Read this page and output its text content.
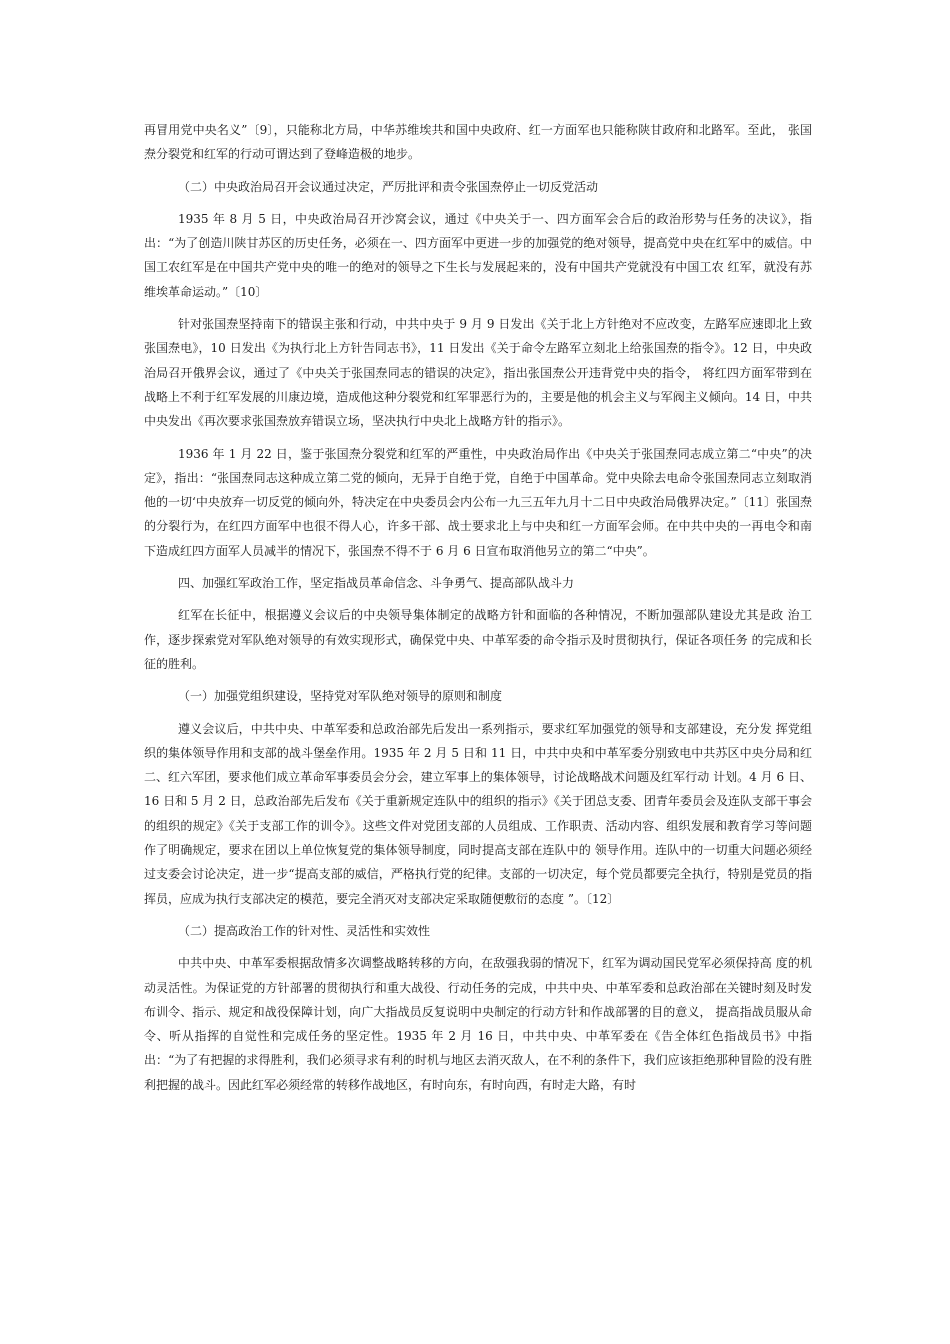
再冒用党中央名义”〔9〕，只能称北方局，中华苏维埃共和国中央政府、红一方面军也只能称陕甘政府和北路军。至此， 张国焘分裂党和红军的行动可谓达到了登峰造极的地步。

（二）中央政治局召开会议通过决定，严厉批评和责令张国焘停止一切反党活动

1935 年 8 月 5 日，中央政治局召开沙窝会议，通过《中央关于一、四方面军会合后的政治形势与任务的决议》，指出：“为了创造川陕甘苏区的历史任务，必须在一、四方面军中更进一步的加强党的绝对领导，提高党中央在红军中的威信。中国工农红军是在中国共产党中央的唯一的绝对的领导之下生长与发展起来的，没有中国共产党就没有中国工农 红军，就没有苏维埃革命运动。”〔10〕

针对张国焘坚持南下的错误主张和行动，中共中央于 9 月 9 日发出《关于北上方针绝对不应改变，左路军应速即北上致张国焘电》，10 日发出《为执行北上方针告同志书》，11 日发出《关于命令左路军立刻北上给张国焘的指令》。12 日，中央政治局召开俄界会议，通过了《中央关于张国焘同志的错误的决定》，指出张国焘公开违背党中央的指令， 将红四方面军带到在战略上不利于红军发展的川康边境，造成他这种分裂党和红军罪恶行为的，主要是他的机会主义与军阀主义倾向。14 日，中共中央发出《再次要求张国焘放弃错误立场，坚决执行中央北上战略方针的指示》。

1936 年 1 月 22 日，鉴于张国焘分裂党和红军的严重性，中央政治局作出《中央关于张国焘同志成立第二“中央”的决定》，指出：“张国焘同志这种成立第二党的倾向，无异于自绝于党，自绝于中国革命。党中央除去电命令张国焘同志立刻取消他的一切‘中央放弃一切反党的倾向外，特决定在中央委员会内公布一九三五年九月十二日中央政治局俄界决定。”〔11〕张国焘的分裂行为，在红四方面军中也很不得人心，许多干部、战士要求北上与中央和红一方面军会师。在中共中央的一再电令和南下造成红四方面军人员减半的情况下，张国焘不得不于 6 月 6 日宣布取消他另立的第二“中央”。

四、加强红军政治工作，坚定指战员革命信念、斗争勇气、提高部队战斗力

红军在长征中，根据遵义会议后的中央领导集体制定的战略方针和面临的各种情况，不断加强部队建设尤其是政 治工作，逐步探索党对军队绝对领导的有效实现形式，确保党中央、中革军委的命令指示及时贯彻执行，保证各项任务 的完成和长征的胜利。

（一）加强党组织建设，坚持党对军队绝对领导的原则和制度

遵义会议后，中共中央、中革军委和总政治部先后发出一系列指示，要求红军加强党的领导和支部建设，充分发 挥党组织的集体领导作用和支部的战斗堡垒作用。1935 年 2 月 5 日和 11 日，中共中央和中革军委分别致电中共苏区中央分局和红二、红六军团，要求他们成立革命军事委员会分会，建立军事上的集体领导，讨论战略战术问题及红军行动 计划。4 月 6 日、16 日和 5 月 2 日，总政治部先后发布《关于重新规定连队中的组织的指示》《关于团总支委、团青年委员会及连队支部干事会的组织的规定》《关于支部工作的训令》。这些文件对党团支部的人员组成、工作职责、活动内容、组织发展和教育学习等问题作了明确规定，要求在团以上单位恢复党的集体领导制度，同时提高支部在连队中的 领导作用。连队中的一切重大问题必须经过支委会讨论决定，进一步“提高支部的威信，严格执行党的纪律。支部的一切决定，每个党员都要完全执行，特别是党员的指挥员，应成为执行支部决定的模范，要完全消灭对支部决定采取随便敷衍的态度 ”。〔12〕

（二）提高政治工作的针对性、灵活性和实效性

中共中央、中革军委根据敌情多次调整战略转移的方向，在敌强我弱的情况下，红军为调动国民党军必须保持高 度的机动灵活性。为保证党的方针部署的贯彻执行和重大战役、行动任务的完成，中共中央、中革军委和总政治部在关键时刻及时发布训令、指示、规定和战役保障计划，向广大指战员反复说明中央制定的行动方针和作战部署的目的意义， 提高指战员服从命令、听从指挥的自觉性和完成任务的坚定性。1935 年 2 月 16 日，中共中央、中革军委在《告全体红色指战员书》中指出：“为了有把握的求得胜利，我们必须寻求有利的时机与地区去消灭敌人，在不利的条件下，我们应该拒绝那种冒险的没有胜利把握的战斗。因此红军必须经常的转移作战地区，有时向东，有时向西，有时走大路，有时
